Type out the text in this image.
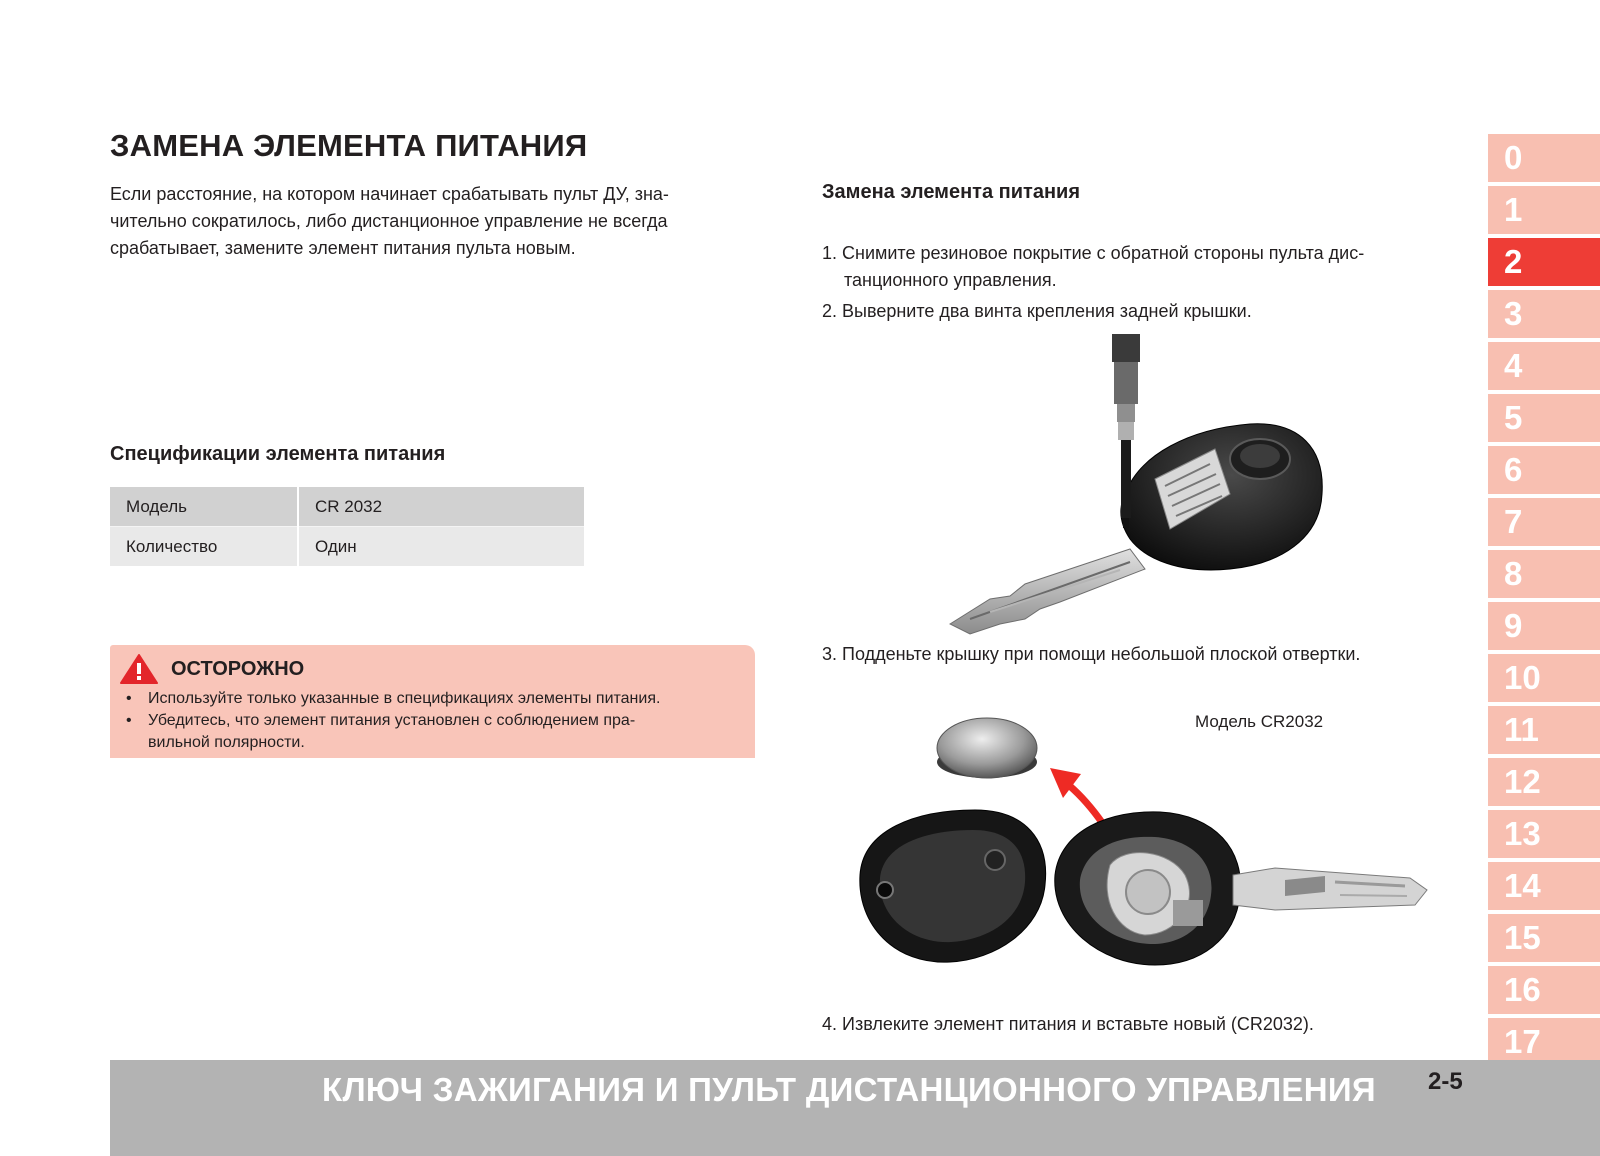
ЗАМЕНА ЭЛЕМЕНТА ПИТАНИЯ
Если расстояние, на котором начинает срабатывать пульт ДУ, зна-
чительно сократилось, либо дистанционное управление не всегда
срабатывает, замените элемент питания пульта новым.
Спецификации элемента питания
Модель	CR 2032
Количество	Один
ОСТОРОЖНО
• Используйте только указанные в спецификациях элементы питания.
• Убедитесь, что элемент питания установлен с соблюдением пра-
вильной полярности.
Замена элемента питания
1. Снимите резиновое покрытие с обратной стороны пульта дис-
танционного управления.
2. Выверните два винта крепления задней крышки.
3. Подденьте крышку при помощи небольшой плоской отвертки.
Модель CR2032
4. Извлеките элемент питания и вставьте новый (CR2032).
0
1
2
3
4
5
6
7
8
9
10
11
12
13
14
15
16
17
КЛЮЧ ЗАЖИГАНИЯ И ПУЛЬТ ДИСТАНЦИОННОГО УПРАВЛЕНИЯ 2-5
